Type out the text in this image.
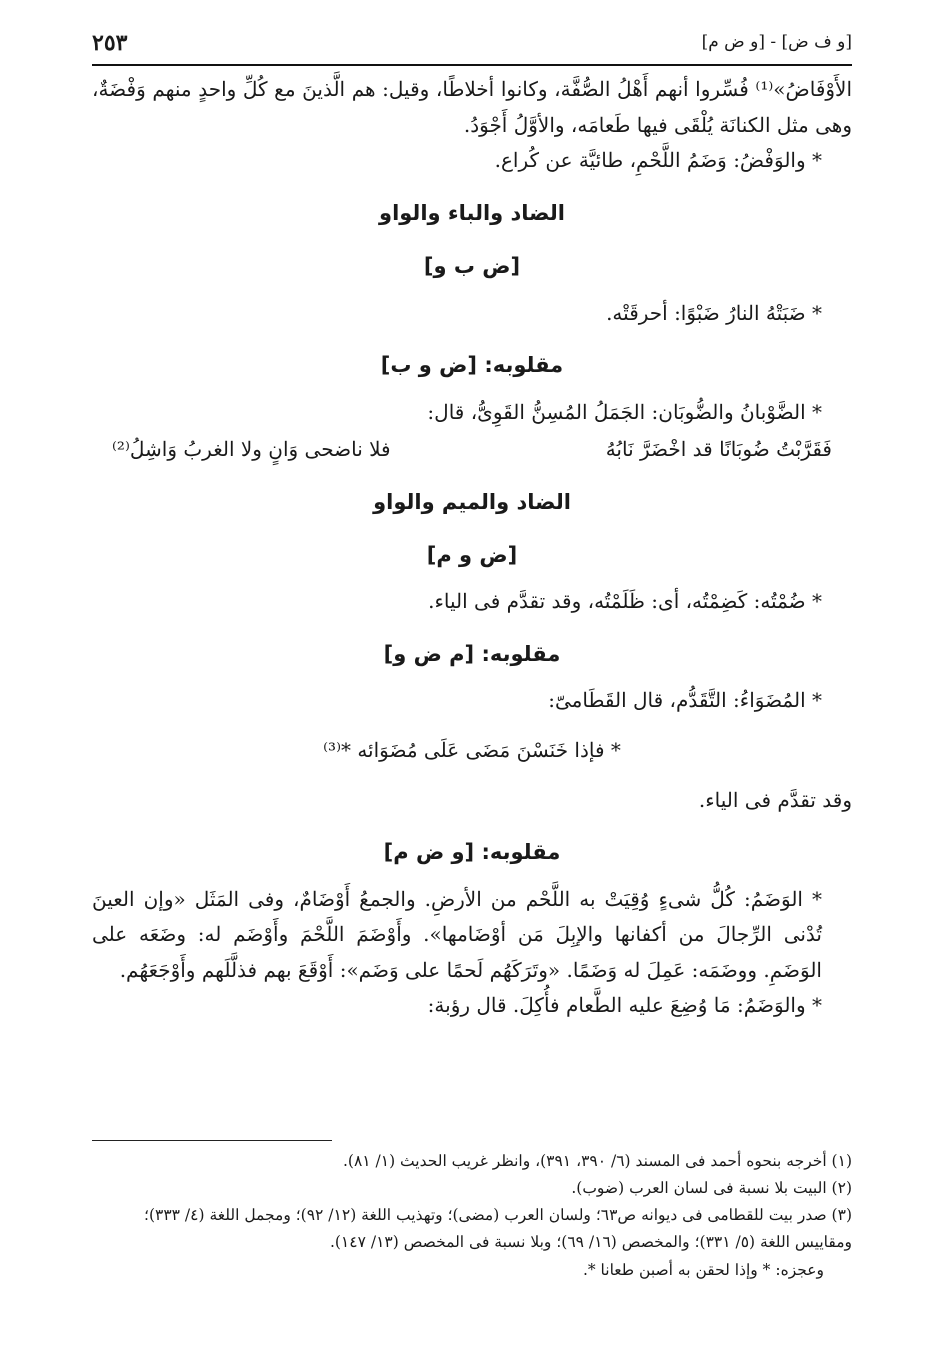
٢٥٣	[و ف ض] - [و ض م]

الأَوْفَاضُ»⁽¹⁾ فُسِّروا أنهم أَهْلُ الصُّفَّة، وكانوا أخلاطًا، وقيل: هم الَّذينَ مع كُلِّ واحدٍ منهم وَفْضَةٌ، وهى مثل الكنانَة يُلْقَى فيها طَعامَه، والأوَّلُ أَجْوَدُ.

* والوَفْضُ: وَضَمُ اللَّحْمِ، طائيَّة عن كُراع.

الضاد والباء والواو
[ض ب و]

* ضَبَتْهُ النارُ ضَبْوًا: أحرقَتْه.

مقلوبه: [ض و ب]

* الضَّوْبانُ والضُّوبَان: الجَمَلُ المُسِنُّ القَوِىُّ، قال:

فَقَرَّبْتُ ضُوبَانًا قد اخْضَرَّ نَابُهُ
فلا ناضحى وَانٍ ولا الغربُ وَاشِلُ⁽²⁾
الضاد والميم والواو
[ض و م]

* ضُمْتُه: كَضِمْتُه، أى: ظَلَمْتُه، وقد تقدَّم فى الياء.

مقلوبه: [م ض و]

* المُضَوَاءُ: التَّقَدُّم، قال القَطَامىّ:

* فإذا خَنَسْنَ مَضَى عَلَى مُضَوَائه *⁽³⁾

وقد تقدَّم فى الياء.

مقلوبه: [و ض م]

* الوَضَمُ: كُلُّ شىءٍ وُقِيَتْ به اللَّحْم من الأرضِ. والجمعُ أَوْضَامٌ، وفى المَثَل «وإن العينَ تُدْنى الرِّجالَ من أكفانها والإبِلَ مَن أوْضَامها». وأَوْضَمَ اللَّحْمَ وأَوْضَم له: وضَعَه على الوَضَمِ. ووضَمَه: عَمِلَ له وَضَمًا. «وتَرَكَهُم لَحمًا على وَضَم»: أَوْقَعَ بهم فذلَّلَهم وأَوْجَعَهُم.

* والوَضَمُ: مَا وُضِعَ عليه الطَّعام فأُكِلَ. قال رؤبة:

(١) أخرجه بنحوه أحمد فى المسند (٦/ ٣٩٠، ٣٩١)، وانظر غريب الحديث (١/ ٨١).

(٢) البيت بلا نسبة فى لسان العرب (ضوب).

(٣) صدر بيت للقطامى فى ديوانه ص٦٣؛ ولسان العرب (مضى)؛ وتهذيب اللغة (١٢/ ٩٢)؛ ومجمل اللغة (٤/ ٣٣٣)؛ ومقاييس اللغة (٥/ ٣٣١)؛ والمخصص (١٦/ ٦٩)؛ وبلا نسبة فى المخصص (١٣/ ١٤٧).

وعجزه: * وإذا لحقن به أصبن طعانا *.
